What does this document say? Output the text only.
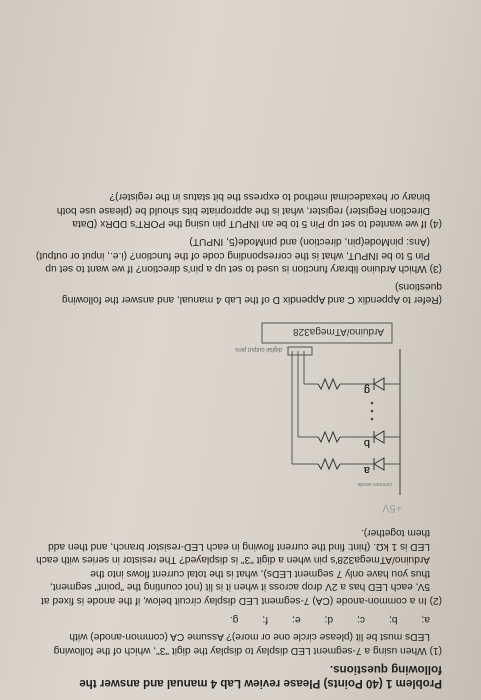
Problem 1 (40 Points) Please review Lab 4 manual and answer the following questions.
(1) When using a 7-segment LED display to display the digit "3", which of the following LEDs must be lit (please circle one or more)? Assume CA (common-anode) with
a;
b;
c;
d;
e;
f;
g.
(2) In a common-anode (CA) 7-segment LED display circuit below, if the anode is fixed at 5V, each LED has a 2V drop across it when it is lit (not counting the "point" segment, thus you have only 7 segment LEDs), what is the total current flows into the Arduino/ATmega328's pin when a digit "3" is displayed? The resistor in series with each LED is 1 kΩ. (hint: find the current flowing in each LED-resistor branch, and then add them together).
+5V
common anode
a
b
g
digital output pins
Arduino/ATmega328
(Refer to Appendix C and Appendix D of the Lab 4 manual, and answer the following questions)
(3) Which Arduino library function is used to set up a pin's direction? If we want to set up Pin 5 to be INPUT, what is the corresponding code of the function? (i.e., input or output) (Ans: pinMode(pin, direction) and pinMode(5, INPUT)
(4) If we wanted to set up Pin 5 to be an INPUT pin using the PORT's DDRx (Data Direction Register) register, what is the appropriate bits should be (please use both binary or hexadecimal method to express the bit status in the register)?
